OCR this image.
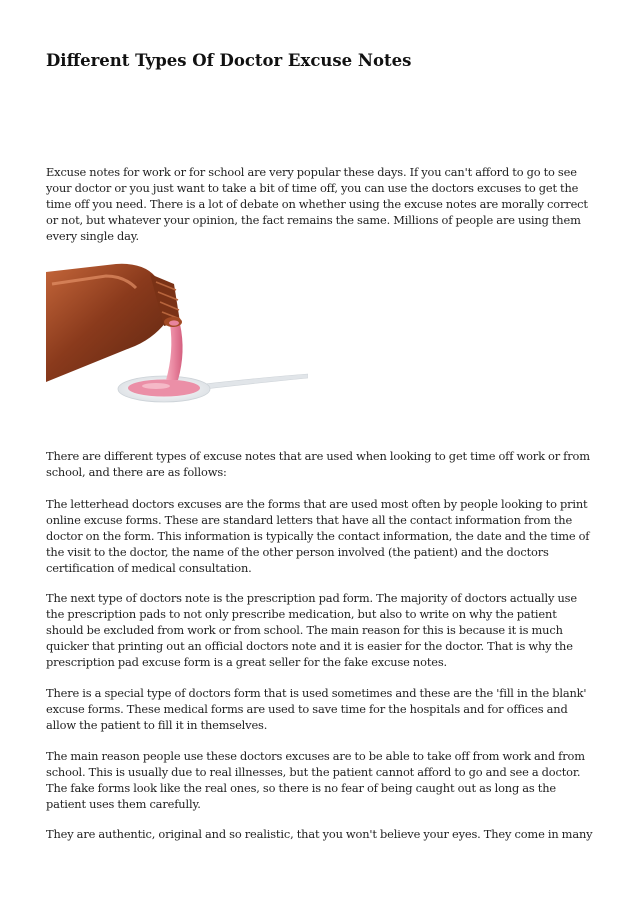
Different Types Of Doctor Excuse Notes

Excuse notes for work or for school are very popular these days. If you can't afford to go to see your doctor or you just want to take a bit of time off, you can use the doctors excuses to get the time off you need. There is a lot of debate on whether using the excuse notes are morally correct or not, but whatever your opinion, the fact remains the same. Millions of people are using them every single day.

There are different types of excuse notes that are used when looking to get time off work or from school, and there are as follows:

The letterhead doctors excuses are the forms that are used most often by people looking to print online excuse forms. These are standard letters that have all the contact information from the doctor on the form. This information is typically the contact information, the date and the time of the visit to the doctor, the name of the other person involved (the patient) and the doctors certification of medical consultation.

The next type of doctors note is the prescription pad form. The majority of doctors actually use the prescription pads to not only prescribe medication, but also to write on why the patient should be excluded from work or from school. The main reason for this is because it is much quicker that printing out an official doctors note and it is easier for the doctor. That is why the prescription pad excuse form is a great seller for the fake excuse notes.

There is a special type of doctors form that is used sometimes and these are the 'fill in the blank' excuse forms. These medical forms are used to save time for the hospitals and for offices and allow the patient to fill it in themselves.

The main reason people use these doctors excuses are to be able to take off from work and from school. This is usually due to real illnesses, but the patient cannot afford to go and see a doctor. The fake forms look like the real ones, so there is no fear of being caught out as long as the patient uses them carefully.

They are authentic, original and so realistic, that you won't believe your eyes. They come in many
